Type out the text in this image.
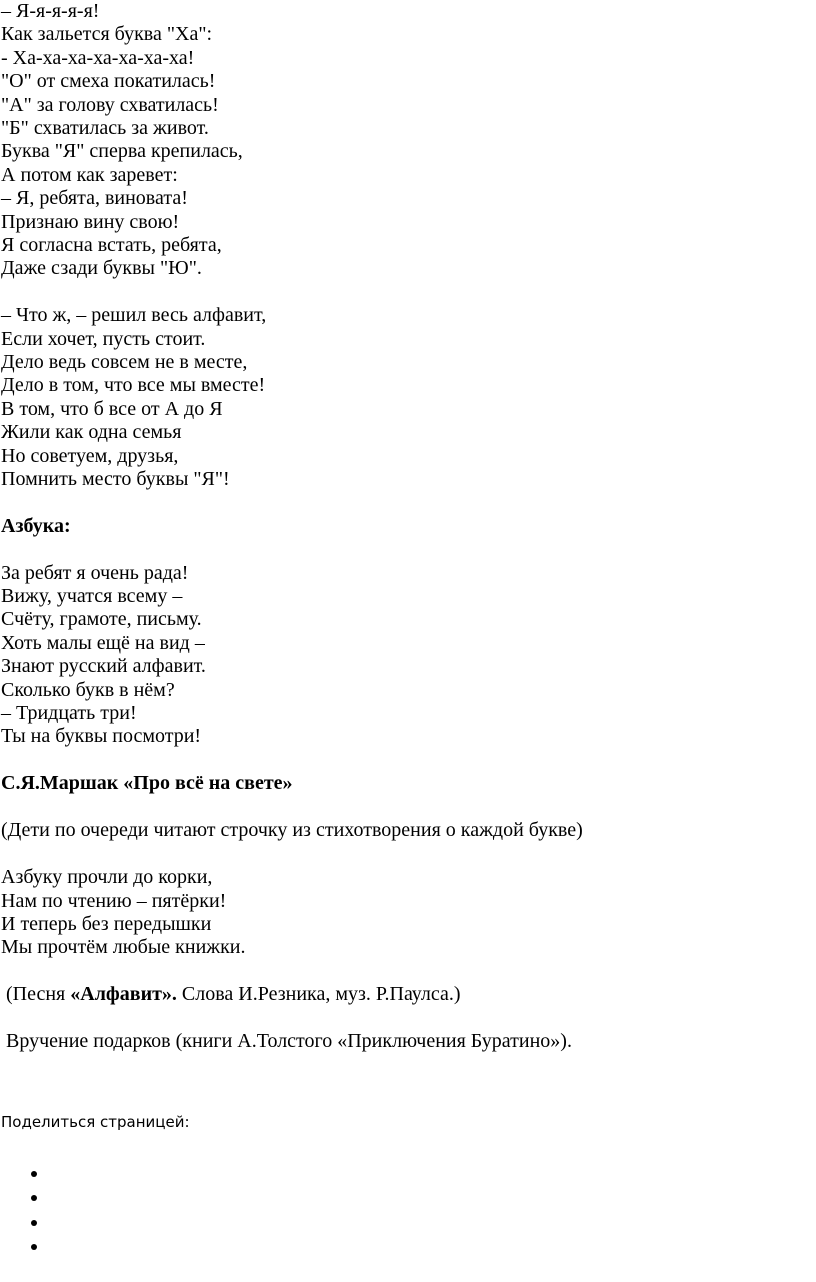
– Я-я-я-я-я!
Как зальется буква "Ха":
- Ха-ха-ха-ха-ха-ха-ха!
"О" от смеха покатилась!
"А" за голову схватилась!
"Б" схватилась за живот.
Буква "Я" сперва крепилась,
А потом как заревет:
– Я, ребята, виновата!
Признаю вину свою!
Я согласна встать, ребята,
Даже сзади буквы "Ю".
– Что ж, – решил весь алфавит,
Если хочет, пусть стоит.
Дело ведь совсем не в месте,
Дело в том, что все мы вместе!
В том, что б все от А до Я
Жили как одна семья
Но советуем, друзья,
Помнить место буквы "Я"!
Азбука:
За ребят я очень рада!
Вижу, учатся всему –
Счёту, грамоте, письму.
Хоть малы ещё на вид –
Знают русский алфавит.
Сколько букв в нём?
– Тридцать три!
Ты на буквы посмотри!
С.Я.Маршак «Про всё на свете»
(Дети по очереди читают строчку из стихотворения о каждой букве)
Азбуку прочли до корки,
Нам по чтению – пятёрки!
И теперь без передышки
Мы прочтём любые книжки.
(Песня «Алфавит». Слова И.Резника, муз. Р.Паулса.)
Вручение подарков (книги А.Толстого «Приключения Буратино»).
Поделиться страницей:
